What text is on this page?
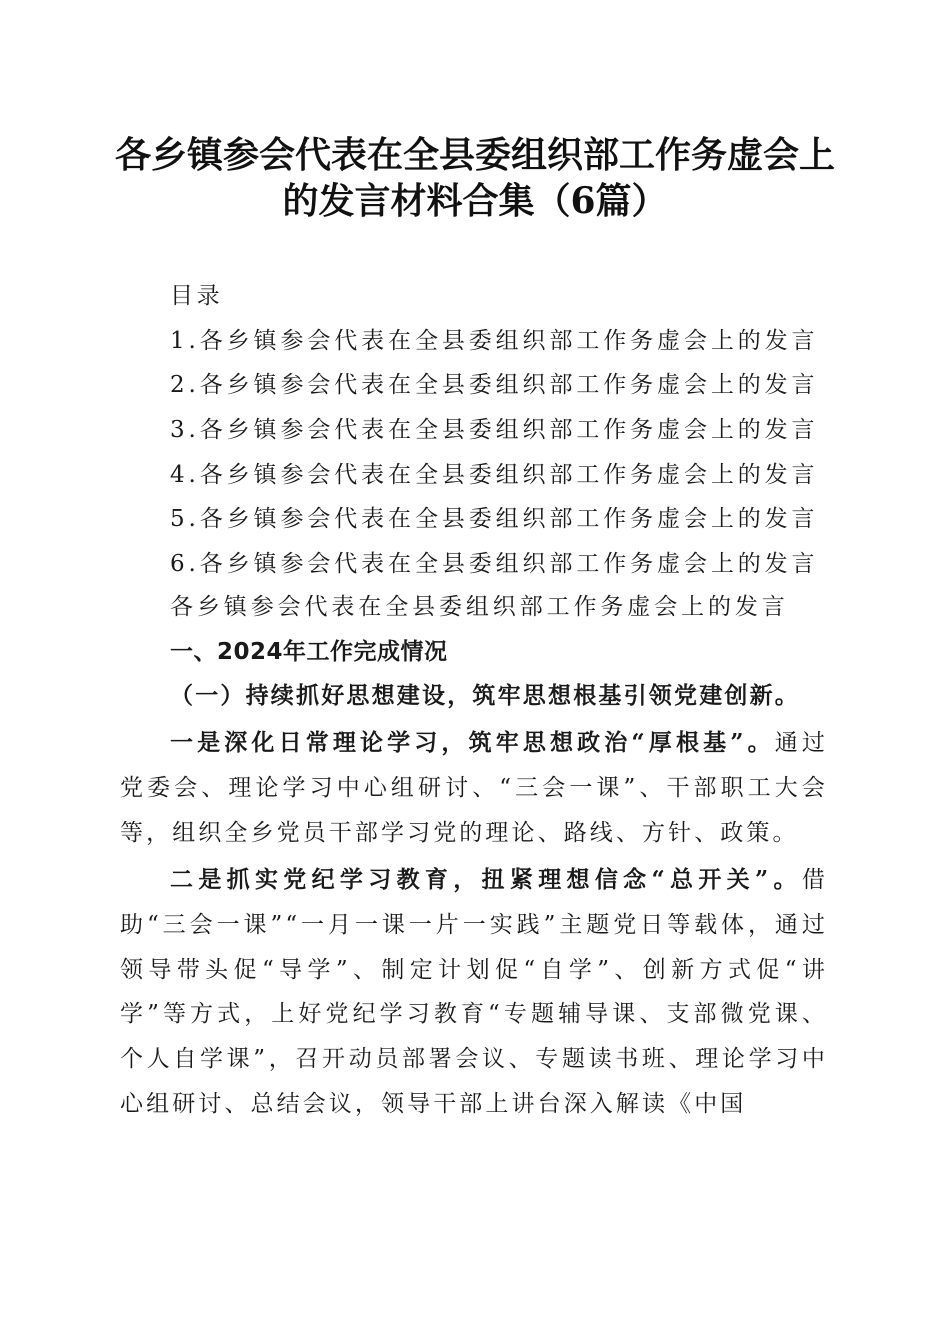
各乡镇参会代表在全县委组织部工作务虚会上的发言材料合集（6篇）

目录

1.各乡镇参会代表在全县委组织部工作务虚会上的发言

2.各乡镇参会代表在全县委组织部工作务虚会上的发言

3.各乡镇参会代表在全县委组织部工作务虚会上的发言

4.各乡镇参会代表在全县委组织部工作务虚会上的发言

5.各乡镇参会代表在全县委组织部工作务虚会上的发言

6.各乡镇参会代表在全县委组织部工作务虚会上的发言

各乡镇参会代表在全县委组织部工作务虚会上的发言

一、2024年工作完成情况

（一）持续抓好思想建设，筑牢思想根基引领党建创新。

一是深化日常理论学习，筑牢思想政治“厚根基”。通过党委会、理论学习中心组研讨、“三会一课”、干部职工大会等，组织全乡党员干部学习党的理论、路线、方针、政策。

二是抓实党纪学习教育，扭紧理想信念“总开关”。借助“三会一课”“一月一课一片一实践”主题党日等载体，通过领导带头促“导学”、制定计划促“自学”、创新方式促“讲学”等方式，上好党纪学习教育“专题辅导课、支部微党课、个人自学课”，召开动员部署会议、专题读书班、理论学习中心组研讨、总结会议，领导干部上讲台深入解读《中国
